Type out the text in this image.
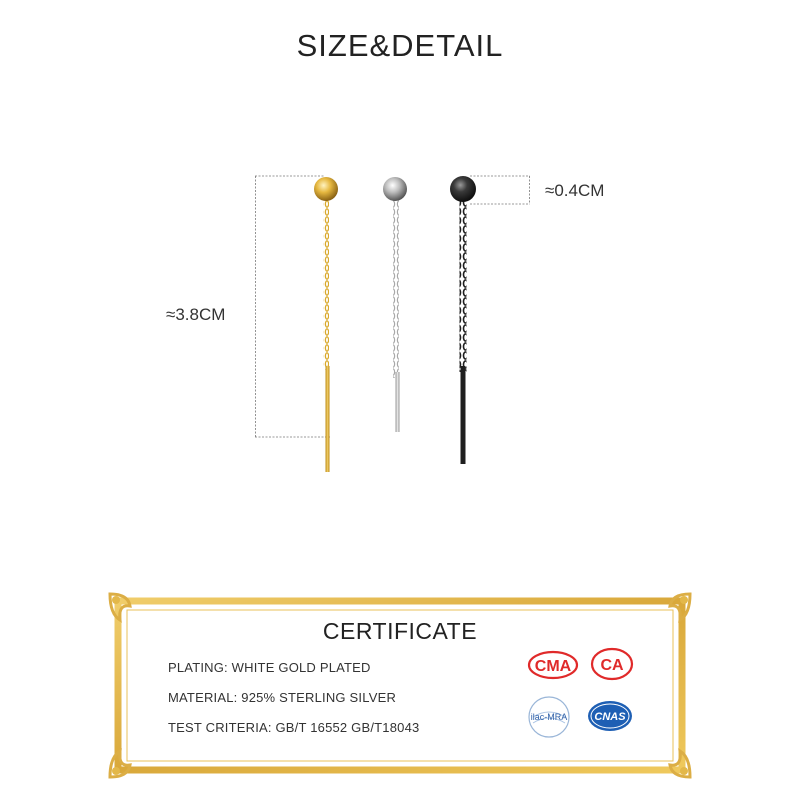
SIZE&DETAIL
≈3.8CM
≈0.4CM
CERTIFICATE
PLATING: WHITE GOLD PLATED
MATERIAL: 925% STERLING SILVER
TEST CRITERIA: GB/T 16552 GB/T18043
CMA CA
ilac-MRA CNAS
